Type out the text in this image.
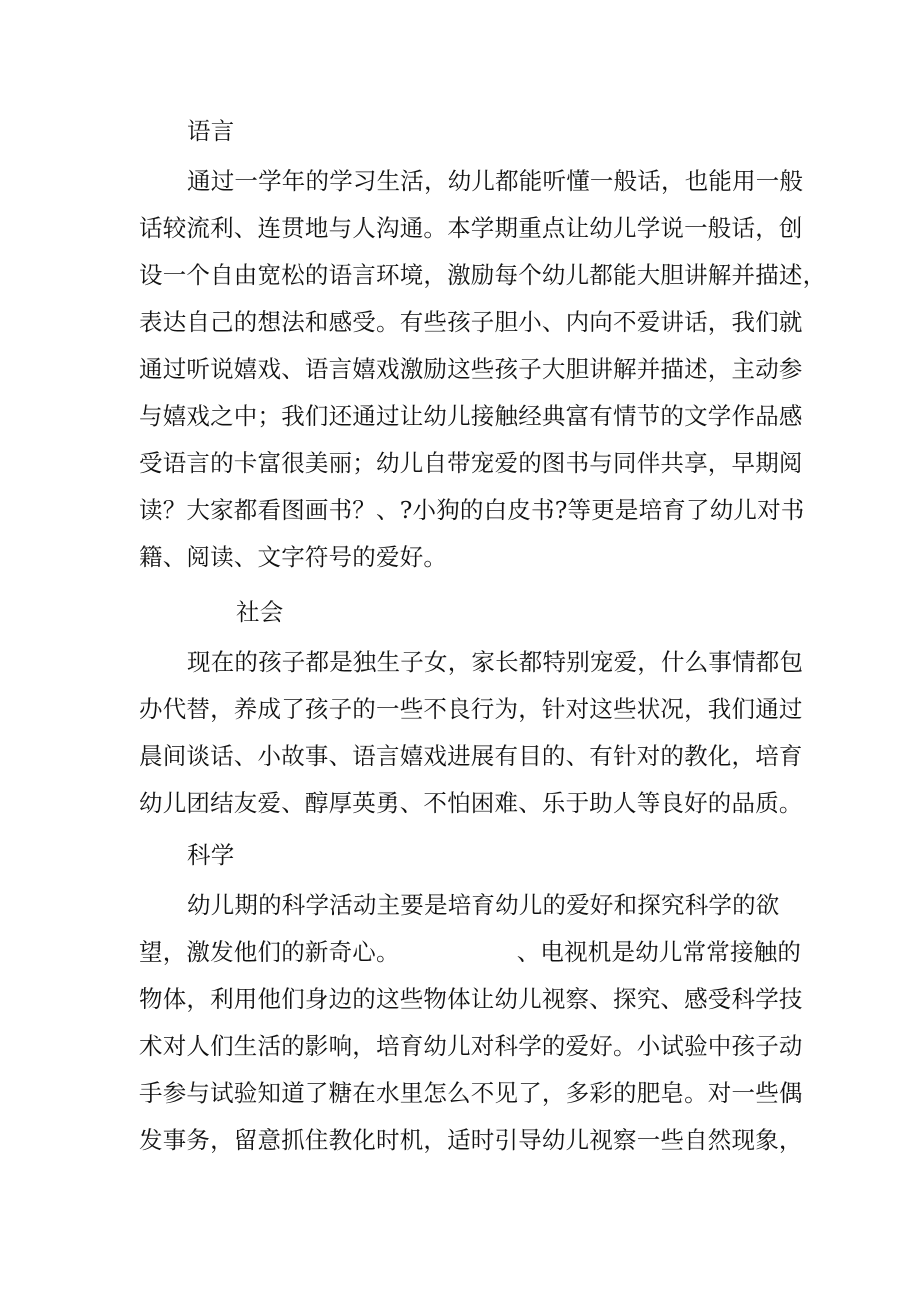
语言
通过一学年的学习生活，幼儿都能听懂一般话，也能用一般
话较流利、连贯地与人沟通。本学期重点让幼儿学说一般话，创
设一个自由宽松的语言环境，激励每个幼儿都能大胆讲解并描述，
表达自己的想法和感受。有些孩子胆小、内向不爱讲话，我们就
通过听说嬉戏、语言嬉戏激励这些孩子大胆讲解并描述，主动参
与嬉戏之中；我们还通过让幼儿接触经典富有情节的文学作品感
受语言的卡富很美丽；幼儿自带宠爱的图书与同伴共享，早期阅
读？大家都看图画书？、?小狗的白皮书?等更是培育了幼儿对书
籍、阅读、文字符号的爱好。
社会
现在的孩子都是独生子女，家长都特别宠爱，什么事情都包
办代替，养成了孩子的一些不良行为，针对这些状况，我们通过
晨间谈话、小故事、语言嬉戏进展有目的、有针对的教化，培育
幼儿团结友爱、醇厚英勇、不怕困难、乐于助人等良好的品质。
科学
幼儿期的科学活动主要是培育幼儿的爱好和探究科学的欲
望，激发他们的新奇心。	、电视机是幼儿常常接触的
物体，利用他们身边的这些物体让幼儿视察、探究、感受科学技
术对人们生活的影响，培育幼儿对科学的爱好。小试验中孩子动
手参与试验知道了糖在水里怎么不见了，多彩的肥皂。对一些偶
发事务，留意抓住教化时机，适时引导幼儿视察一些自然现象，
